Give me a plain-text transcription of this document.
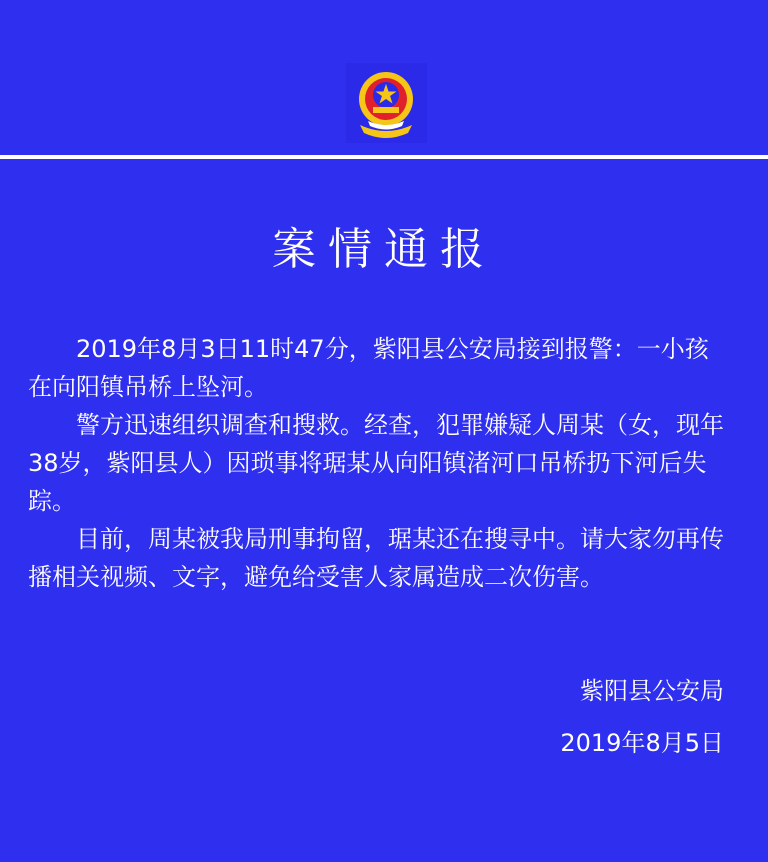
案情通报

2019年8月3日11时47分，紫阳县公安局接到报警：一小孩在向阳镇吊桥上坠河。

警方迅速组织调查和搜救。经查，犯罪嫌疑人周某（女，现年38岁，紫阳县人）因琐事将琚某从向阳镇渚河口吊桥扔下河后失踪。

目前，周某被我局刑事拘留，琚某还在搜寻中。请大家勿再传播相关视频、文字，避免给受害人家属造成二次伤害。

紫阳县公安局
2019年8月5日
